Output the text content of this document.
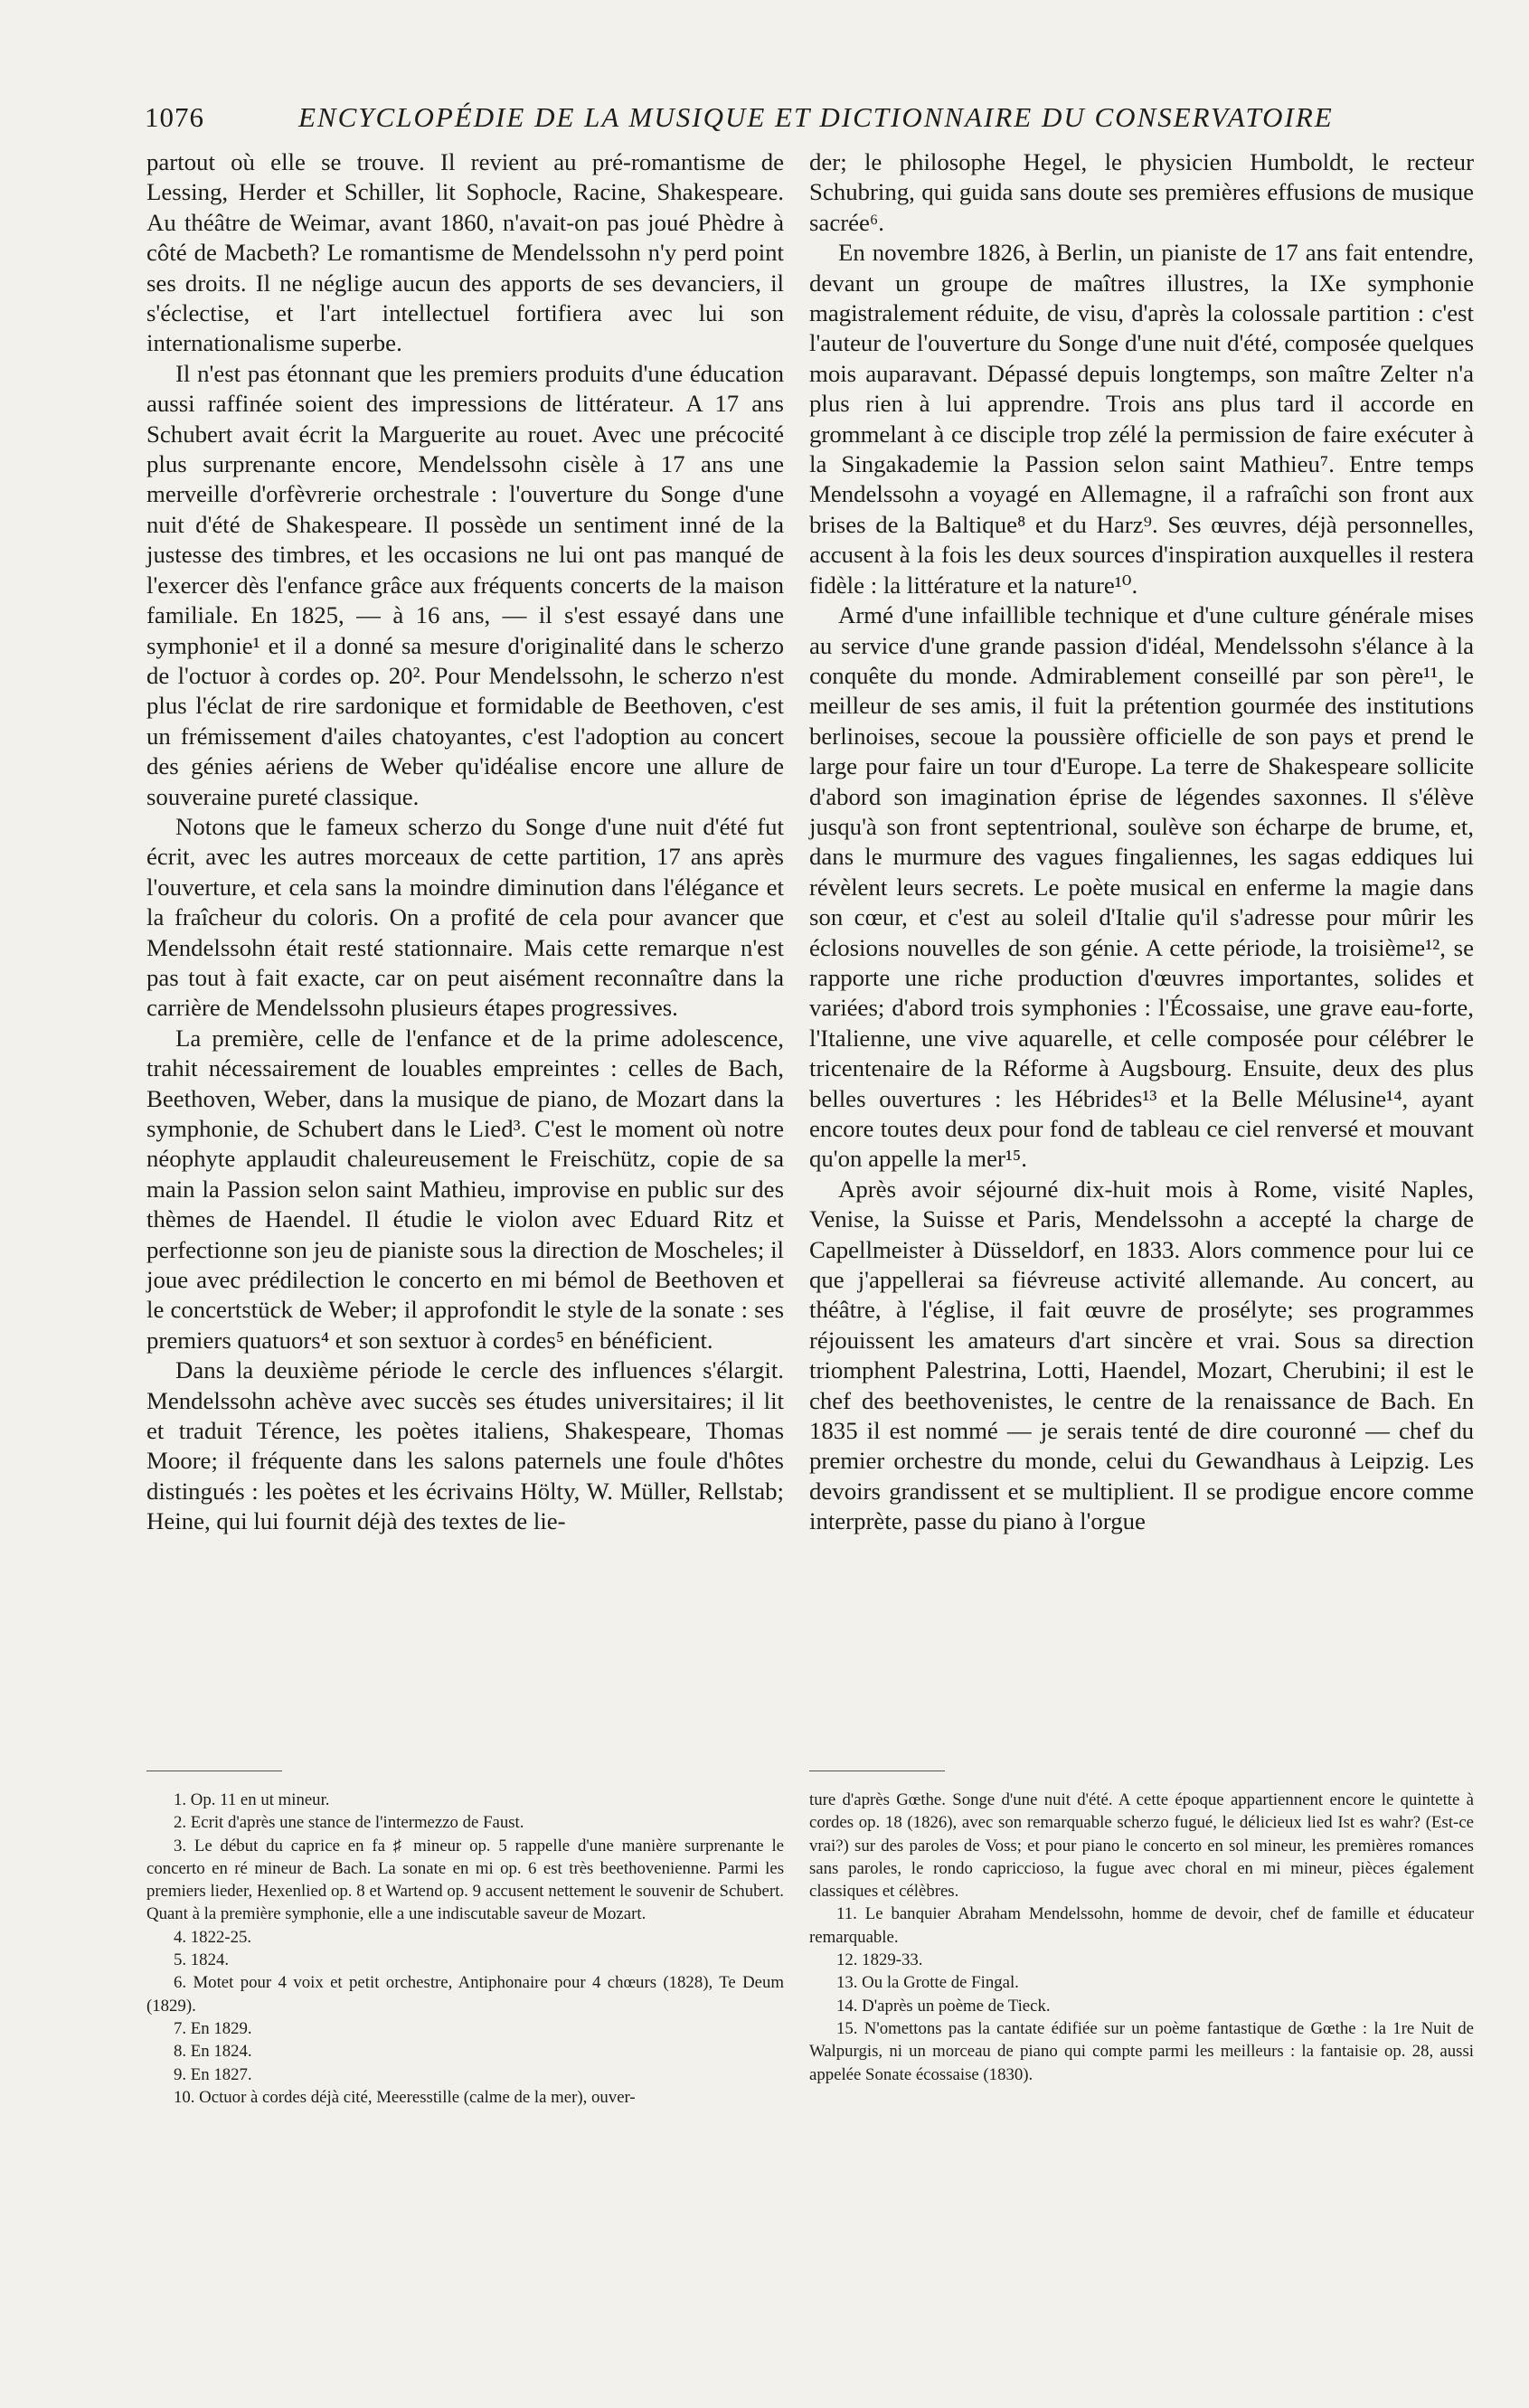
1076	ENCYCLOPÉDIE DE LA MUSIQUE ET DICTIONNAIRE DU CONSERVATOIRE

partout où elle se trouve. Il revient au pré-romantisme de Lessing, Herder et Schiller, lit Sophocle, Racine, Shakespeare. Au théâtre de Weimar, avant 1860, n'avait-on pas joué Phèdre à côté de Macbeth? Le romantisme de Mendelssohn n'y perd point ses droits. Il ne néglige aucun des apports de ses devanciers, il s'éclectise, et l'art intellectuel fortifiera avec lui son internationalisme superbe.

Il n'est pas étonnant que les premiers produits d'une éducation aussi raffinée soient des impressions de littérateur. A 17 ans Schubert avait écrit la Marguerite au rouet. Avec une précocité plus surprenante encore, Mendelssohn cisèle à 17 ans une merveille d'orfèvrerie orchestrale : l'ouverture du Songe d'une nuit d'été de Shakespeare. Il possède un sentiment inné de la justesse des timbres, et les occasions ne lui ont pas manqué de l'exercer dès l'enfance grâce aux fréquents concerts de la maison familiale. En 1825, — à 16 ans, — il s'est essayé dans une symphonie¹ et il a donné sa mesure d'originalité dans le scherzo de l'octuor à cordes op. 20². Pour Mendelssohn, le scherzo n'est plus l'éclat de rire sardonique et formidable de Beethoven, c'est un frémissement d'ailes chatoyantes, c'est l'adoption au concert des génies aériens de Weber qu'idéalise encore une allure de souveraine pureté classique.

Notons que le fameux scherzo du Songe d'une nuit d'été fut écrit, avec les autres morceaux de cette partition, 17 ans après l'ouverture, et cela sans la moindre diminution dans l'élégance et la fraîcheur du coloris. On a profité de cela pour avancer que Mendelssohn était resté stationnaire. Mais cette remarque n'est pas tout à fait exacte, car on peut aisément reconnaître dans la carrière de Mendelssohn plusieurs étapes progressives.

La première, celle de l'enfance et de la prime adolescence, trahit nécessairement de louables empreintes : celles de Bach, Beethoven, Weber, dans la musique de piano, de Mozart dans la symphonie, de Schubert dans le Lied³. C'est le moment où notre néophyte applaudit chaleureusement le Freischütz, copie de sa main la Passion selon saint Mathieu, improvise en public sur des thèmes de Haendel. Il étudie le violon avec Eduard Ritz et perfectionne son jeu de pianiste sous la direction de Moscheles; il joue avec prédilection le concerto en mi bémol de Beethoven et le concertstück de Weber; il approfondit le style de la sonate : ses premiers quatuors⁴ et son sextuor à cordes⁵ en bénéficient.

Dans la deuxième période le cercle des influences s'élargit. Mendelssohn achève avec succès ses études universitaires; il lit et traduit Térence, les poètes italiens, Shakespeare, Thomas Moore; il fréquente dans les salons paternels une foule d'hôtes distingués : les poètes et les écrivains Hölty, W. Müller, Rellstab; Heine, qui lui fournit déjà des textes de lie-

der; le philosophe Hegel, le physicien Humboldt, le recteur Schubring, qui guida sans doute ses premières effusions de musique sacrée⁶.

En novembre 1826, à Berlin, un pianiste de 17 ans fait entendre, devant un groupe de maîtres illustres, la IXe symphonie magistralement réduite, de visu, d'après la colossale partition : c'est l'auteur de l'ouverture du Songe d'une nuit d'été, composée quelques mois auparavant. Dépassé depuis longtemps, son maître Zelter n'a plus rien à lui apprendre. Trois ans plus tard il accorde en grommelant à ce disciple trop zélé la permission de faire exécuter à la Singakademie la Passion selon saint Mathieu⁷. Entre temps Mendelssohn a voyagé en Allemagne, il a rafraîchi son front aux brises de la Baltique⁸ et du Harz⁹. Ses œuvres, déjà personnelles, accusent à la fois les deux sources d'inspiration auxquelles il restera fidèle : la littérature et la nature¹⁰.

Armé d'une infaillible technique et d'une culture générale mises au service d'une grande passion d'idéal, Mendelssohn s'élance à la conquête du monde. Admirablement conseillé par son père¹¹, le meilleur de ses amis, il fuit la prétention gourmée des institutions berlinoises, secoue la poussière officielle de son pays et prend le large pour faire un tour d'Europe. La terre de Shakespeare sollicite d'abord son imagination éprise de légendes saxonnes. Il s'élève jusqu'à son front septentrional, soulève son écharpe de brume, et, dans le murmure des vagues fingaliennes, les sagas eddiques lui révèlent leurs secrets. Le poète musical en enferme la magie dans son cœur, et c'est au soleil d'Italie qu'il s'adresse pour mûrir les éclosions nouvelles de son génie. A cette période, la troisième¹², se rapporte une riche production d'œuvres importantes, solides et variées; d'abord trois symphonies : l'Écossaise, une grave eau-forte, l'Italienne, une vive aquarelle, et celle composée pour célébrer le tricentenaire de la Réforme à Augsbourg. Ensuite, deux des plus belles ouvertures : les Hébrides¹³ et la Belle Mélusine¹⁴, ayant encore toutes deux pour fond de tableau ce ciel renversé et mouvant qu'on appelle la mer¹⁵.

Après avoir séjourné dix-huit mois à Rome, visité Naples, Venise, la Suisse et Paris, Mendelssohn a accepté la charge de Capellmeister à Düsseldorf, en 1833. Alors commence pour lui ce que j'appellerai sa fiévreuse activité allemande. Au concert, au théâtre, à l'église, il fait œuvre de prosélyte; ses programmes réjouissent les amateurs d'art sincère et vrai. Sous sa direction triomphent Palestrina, Lotti, Haendel, Mozart, Cherubini; il est le chef des beethovenistes, le centre de la renaissance de Bach. En 1835 il est nommé — je serais tenté de dire couronné — chef du premier orchestre du monde, celui du Gewandhaus à Leipzig. Les devoirs grandissent et se multiplient. Il se prodigue encore comme interprète, passe du piano à l'orgue

1. Op. 11 en ut mineur.

2. Ecrit d'après une stance de l'intermezzo de Faust.

3. Le début du caprice en fa ♯ mineur op. 5 rappelle d'une manière surprenante le concerto en ré mineur de Bach. La sonate en mi op. 6 est très beethovenienne. Parmi les premiers lieder, Hexenlied op. 8 et Wartend op. 9 accusent nettement le souvenir de Schubert. Quant à la première symphonie, elle a une indiscutable saveur de Mozart.

4. 1822-25.

5. 1824.

6. Motet pour 4 voix et petit orchestre, Antiphonaire pour 4 chœurs (1828), Te Deum (1829).

7. En 1829.

8. En 1824.

9. En 1827.

10. Octuor à cordes déjà cité, Meeresstille (calme de la mer), ouver-

ture d'après Gœthe. Songe d'une nuit d'été. A cette époque appartiennent encore le quintette à cordes op. 18 (1826), avec son remarquable scherzo fugué, le délicieux lied Ist es wahr? (Est-ce vrai?) sur des paroles de Voss; et pour piano le concerto en sol mineur, les premières romances sans paroles, le rondo capriccioso, la fugue avec choral en mi mineur, pièces également classiques et célèbres.

11. Le banquier Abraham Mendelssohn, homme de devoir, chef de famille et éducateur remarquable.

12. 1829-33.

13. Ou la Grotte de Fingal.

14. D'après un poème de Tieck.

15. N'omettons pas la cantate édifiée sur un poème fantastique de Gœthe : la 1re Nuit de Walpurgis, ni un morceau de piano qui compte parmi les meilleurs : la fantaisie op. 28, aussi appelée Sonate écossaise (1830).
